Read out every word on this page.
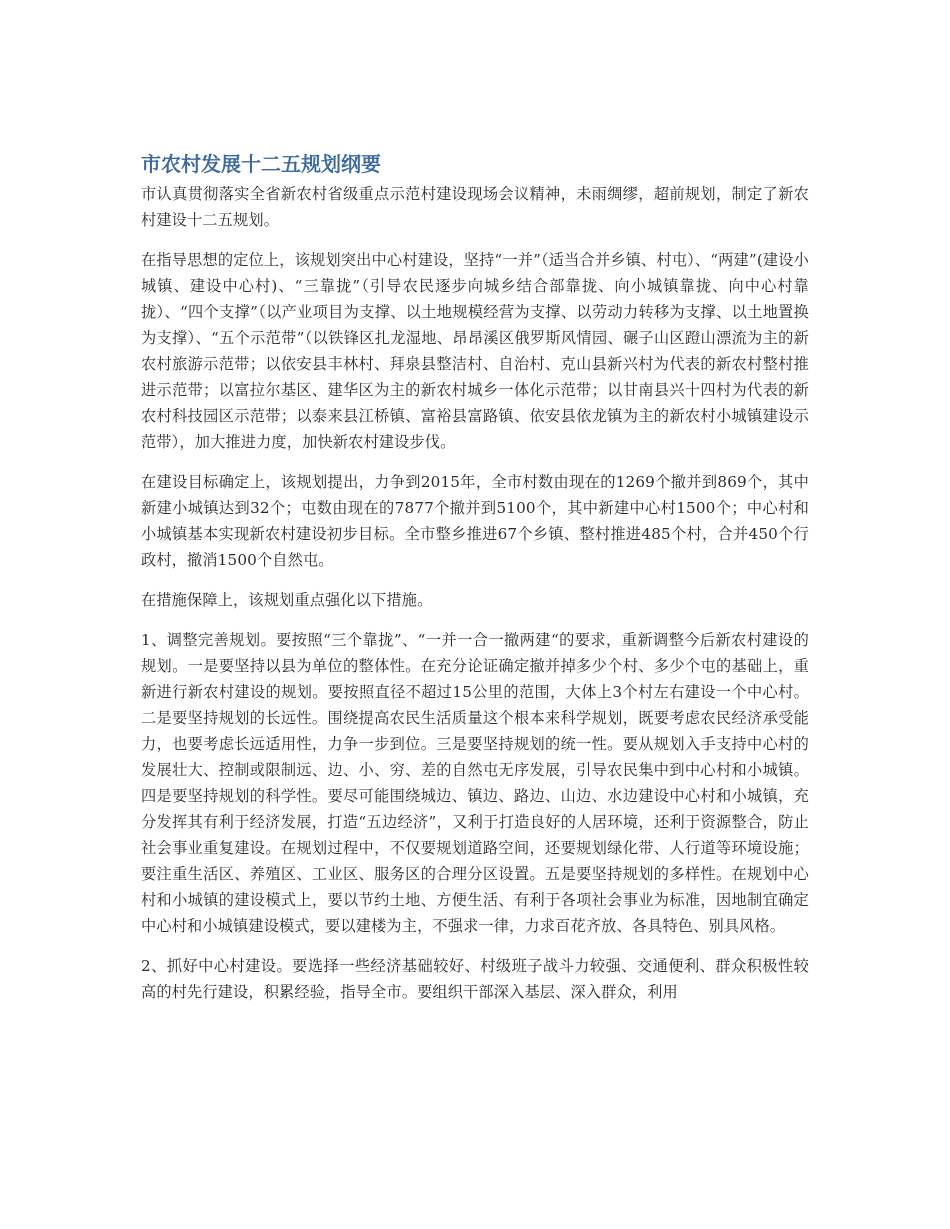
市农村发展十二五规划纲要

市认真贯彻落实全省新农村省级重点示范村建设现场会议精神，未雨绸缪，超前规划，制定了新农村建设十二五规划。

在指导思想的定位上，该规划突出中心村建设，坚持“一并”（适当合并乡镇、村屯）、“两建”(建设小城镇、建设中心村)、“三靠拢”（引导农民逐步向城乡结合部靠拢、向小城镇靠拢、向中心村靠拢）、“四个支撑”（以产业项目为支撑、以土地规模经营为支撑、以劳动力转移为支撑、以土地置换为支撑）、“五个示范带”（以铁锋区扎龙湿地、昂昂溪区俄罗斯风情园、碾子山区蹬山漂流为主的新农村旅游示范带；以依安县丰林村、拜泉县整洁村、自治村、克山县新兴村为代表的新农村整村推进示范带；以富拉尔基区、建华区为主的新农村城乡一体化示范带；以甘南县兴十四村为代表的新农村科技园区示范带；以泰来县江桥镇、富裕县富路镇、依安县依龙镇为主的新农村小城镇建设示范带），加大推进力度，加快新农村建设步伐。

在建设目标确定上，该规划提出，力争到2015年，全市村数由现在的1269个撤并到869个，其中新建小城镇达到32个；屯数由现在的7877个撤并到5100个，其中新建中心村1500个；中心村和小城镇基本实现新农村建设初步目标。全市整乡推进67个乡镇、整村推进485个村，合并450个行政村，撤消1500个自然屯。

在措施保障上，该规划重点强化以下措施。

1、调整完善规划。要按照“三个靠拢”、“一并一合一撤两建“的要求，重新调整今后新农村建设的规划。一是要坚持以县为单位的整体性。在充分论证确定撤并掉多少个村、多少个屯的基础上，重新进行新农村建设的规划。要按照直径不超过15公里的范围，大体上3个村左右建设一个中心村。二是要坚持规划的长远性。围绕提高农民生活质量这个根本来科学规划，既要考虑农民经济承受能力，也要考虑长远适用性，力争一步到位。三是要坚持规划的统一性。要从规划入手支持中心村的发展壮大、控制或限制远、边、小、穷、差的自然屯无序发展，引导农民集中到中心村和小城镇。四是要坚持规划的科学性。要尽可能围绕城边、镇边、路边、山边、水边建设中心村和小城镇，充分发挥其有利于经济发展，打造“五边经济”，又利于打造良好的人居环境，还利于资源整合，防止社会事业重复建设。在规划过程中，不仅要规划道路空间，还要规划绿化带、人行道等环境设施；要注重生活区、养殖区、工业区、服务区的合理分区设置。五是要坚持规划的多样性。在规划中心村和小城镇的建设模式上，要以节约土地、方便生活、有利于各项社会事业为标准，因地制宜确定中心村和小城镇建设模式，要以建楼为主，不强求一律，力求百花齐放、各具特色、别具风格。

2、抓好中心村建设。要选择一些经济基础较好、村级班子战斗力较强、交通便利、群众积极性较高的村先行建设，积累经验，指导全市。要组织干部深入基层、深入群众，利用
